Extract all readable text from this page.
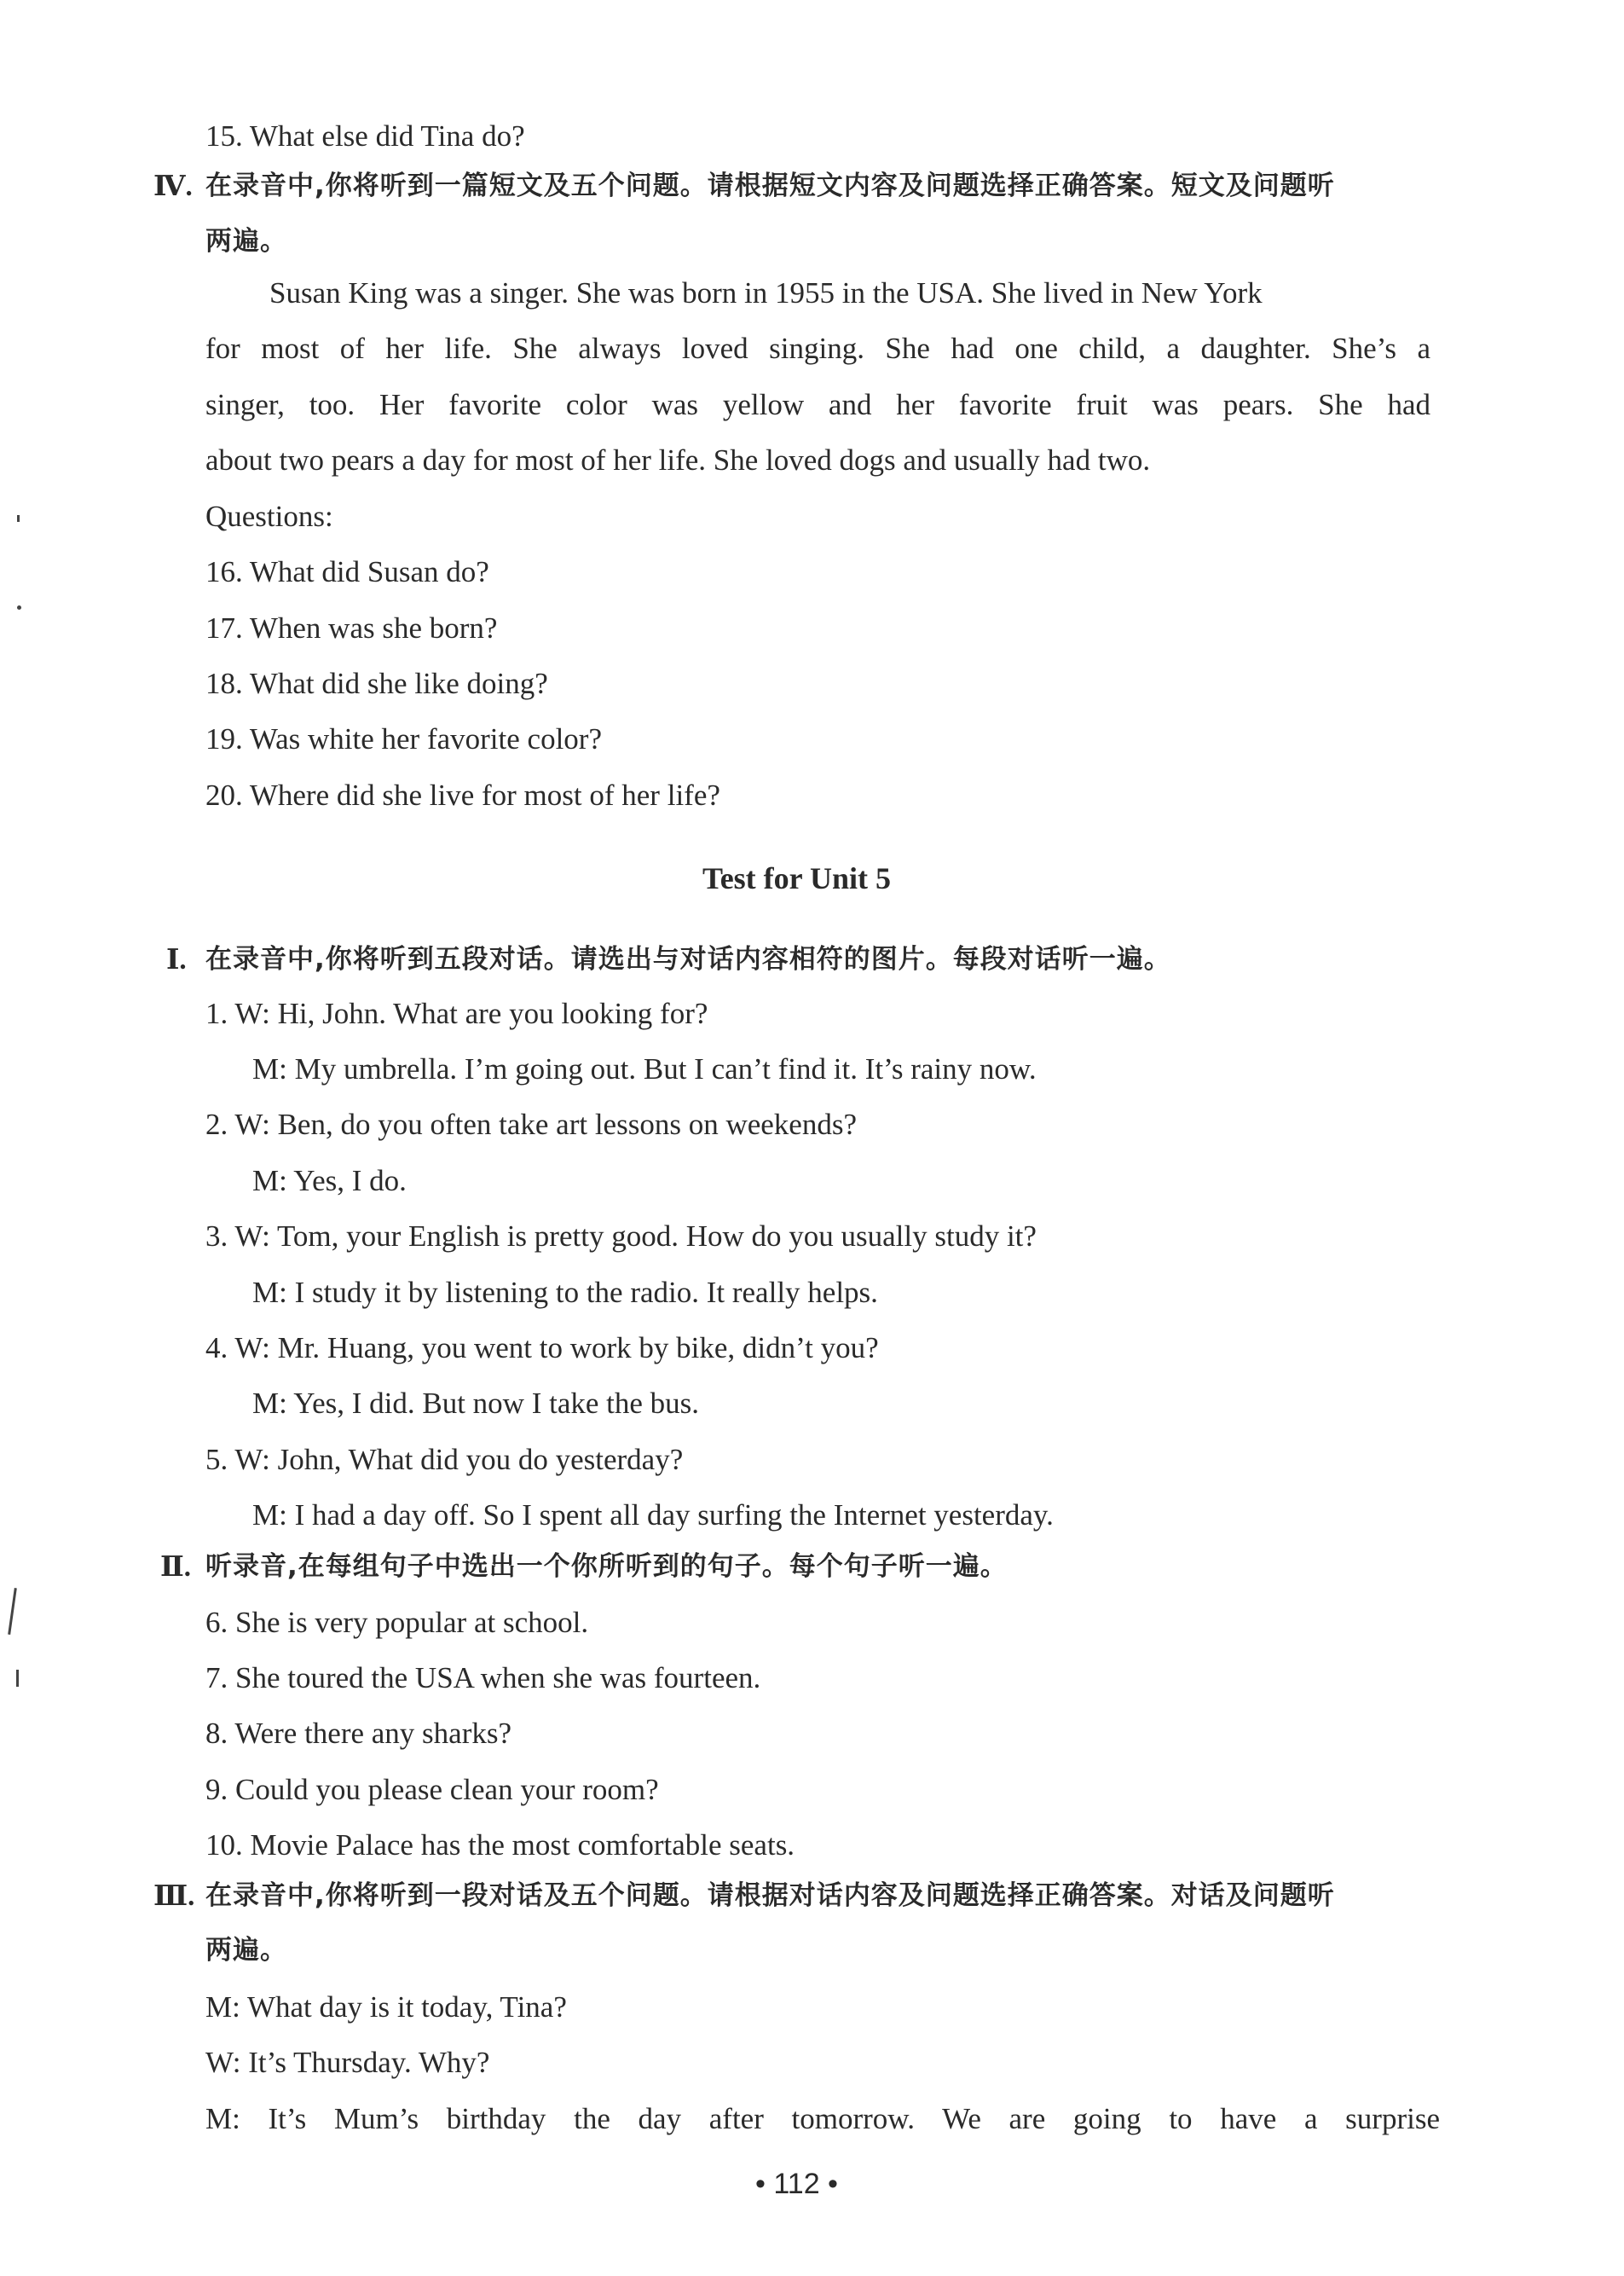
15. What else did Tina do?
Ⅳ. 在录音中,你将听到一篇短文及五个问题。请根据短文内容及问题选择正确答案。短文及问题听
两遍。
Susan King was a singer. She was born in 1955 in the USA. She lived in New York
for most of her life. She always loved singing. She had one child, a daughter. She’s a
singer, too. Her favorite color was yellow and her favorite fruit was pears. She had
about two pears a day for most of her life. She loved dogs and usually had two.
Questions:
16. What did Susan do?
17. When was she born?
18. What did she like doing?
19. Was white her favorite color?
20. Where did she live for most of her life?
Test for Unit 5
Ⅰ. 在录音中,你将听到五段对话。请选出与对话内容相符的图片。每段对话听一遍。
1. W: Hi, John. What are you looking for?
M: My umbrella. I’m going out. But I can’t find it. It’s rainy now.
2. W: Ben, do you often take art lessons on weekends?
M: Yes, I do.
3. W: Tom, your English is pretty good. How do you usually study it?
M: I study it by listening to the radio. It really helps.
4. W: Mr. Huang, you went to work by bike, didn’t you?
M: Yes, I did. But now I take the bus.
5. W: John, What did you do yesterday?
M: I had a day off. So I spent all day surfing the Internet yesterday.
Ⅱ. 听录音,在每组句子中选出一个你所听到的句子。每个句子听一遍。
6. She is very popular at school.
7. She toured the USA when she was fourteen.
8. Were there any sharks?
9. Could you please clean your room?
10. Movie Palace has the most comfortable seats.
Ⅲ. 在录音中,你将听到一段对话及五个问题。请根据对话内容及问题选择正确答案。对话及问题听
两遍。
M: What day is it today, Tina?
W: It’s Thursday. Why?
M: It’s Mum’s birthday the day after tomorrow. We are going to have a surprise
• 112 •
